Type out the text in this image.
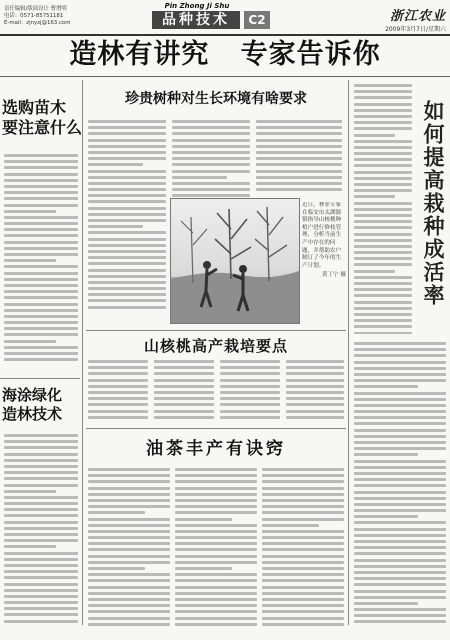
责任编辑/版面设计 曹增明
电话：0571-85751181
E-mail：zjnyzj@163.com
Pin Zhong Ji Shu
品种技术	C2	浙江农业
2009年3月7日/星期六
造林有讲究   专家告诉你
选购苗木
要注意什么
海涂绿化
造林技术
珍贵树种对生长环境有啥要求
近日，林业专家在临安市太湖源镇指导山核桃种植户进行修枝管理，分析当前生产中存在的问题，并帮助农户制订了今年的生产计划。
黄丁宁 摄
山核桃高产栽培要点
油茶丰产有诀窍
如何提高栽种成活率
